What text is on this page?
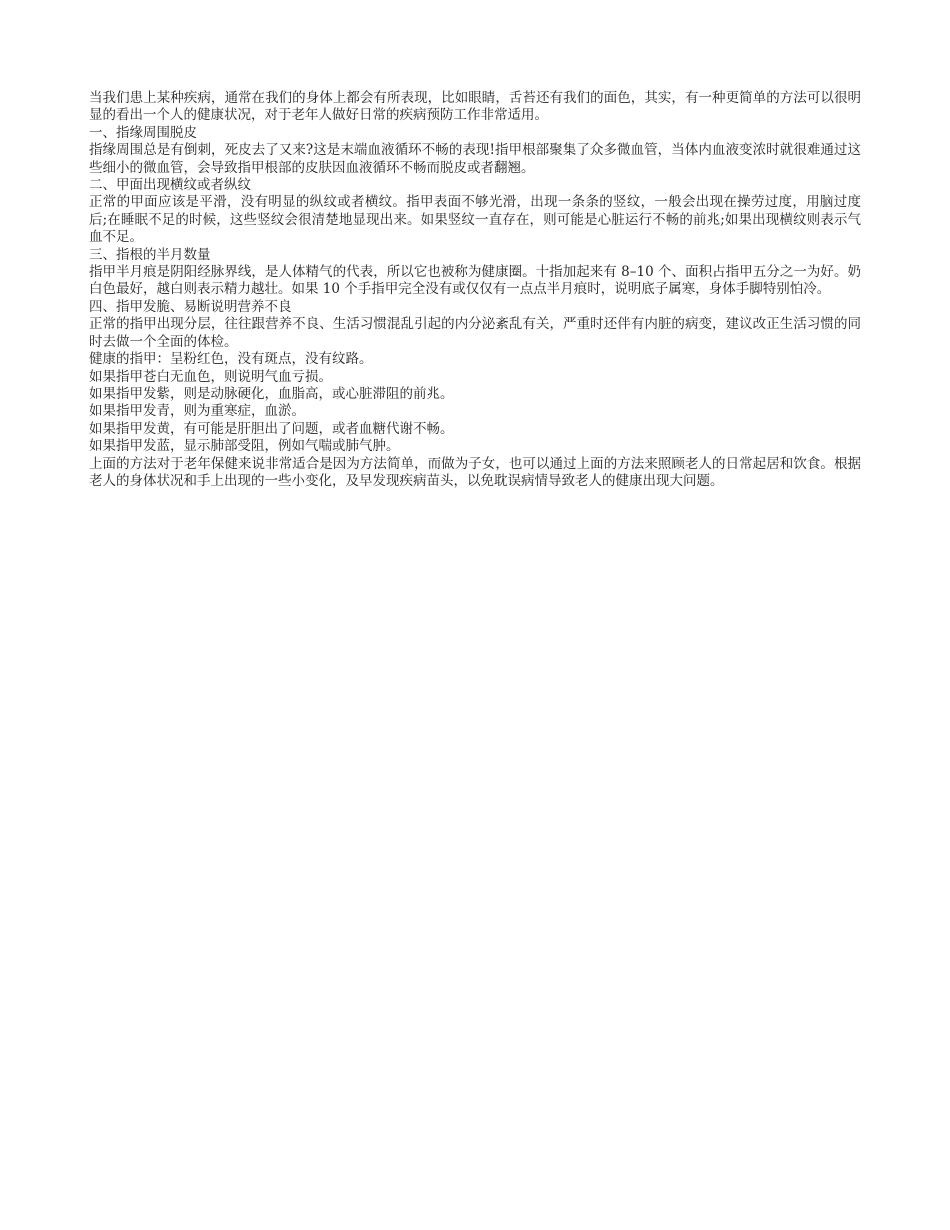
当我们患上某种疾病，通常在我们的身体上都会有所表现，比如眼睛，舌苔还有我们的面色，其实，有一种更简单的方法可以很明显的看出一个人的健康状况，对于老年人做好日常的疾病预防工作非常适用。

一、指缘周围脱皮

指缘周围总是有倒刺，死皮去了又来?这是末端血液循环不畅的表现!指甲根部聚集了众多微血管，当体内血液变浓时就很难通过这些细小的微血管，会导致指甲根部的皮肤因血液循环不畅而脱皮或者翻翘。

二、甲面出现横纹或者纵纹

正常的甲面应该是平滑，没有明显的纵纹或者横纹。指甲表面不够光滑，出现一条条的竖纹，一般会出现在操劳过度，用脑过度后;在睡眠不足的时候，这些竖纹会很清楚地显现出来。如果竖纹一直存在，则可能是心脏运行不畅的前兆;如果出现横纹则表示气血不足。

三、指根的半月数量

指甲半月痕是阴阳经脉界线，是人体精气的代表，所以它也被称为健康圈。十指加起来有 8–10 个、面积占指甲五分之一为好。奶白色最好，越白则表示精力越壮。如果 10 个手指甲完全没有或仅仅有一点点半月痕时，说明底子属寒，身体手脚特别怕冷。

四、指甲发脆、易断说明营养不良

正常的指甲出现分层，往往跟营养不良、生活习惯混乱引起的内分泌紊乱有关，严重时还伴有内脏的病变，建议改正生活习惯的同时去做一个全面的体检。

健康的指甲：呈粉红色，没有斑点，没有纹路。

如果指甲苍白无血色，则说明气血亏损。

如果指甲发紫，则是动脉硬化，血脂高，或心脏滞阻的前兆。

如果指甲发青，则为重寒症，血淤。

如果指甲发黄，有可能是肝胆出了问题，或者血糖代谢不畅。

如果指甲发蓝，显示肺部受阻，例如气喘或肺气肿。

上面的方法对于老年保健来说非常适合是因为方法简单，而做为子女，也可以通过上面的方法来照顾老人的日常起居和饮食。根据老人的身体状况和手上出现的一些小变化，及早发现疾病苗头，以免耽误病情导致老人的健康出现大问题。
